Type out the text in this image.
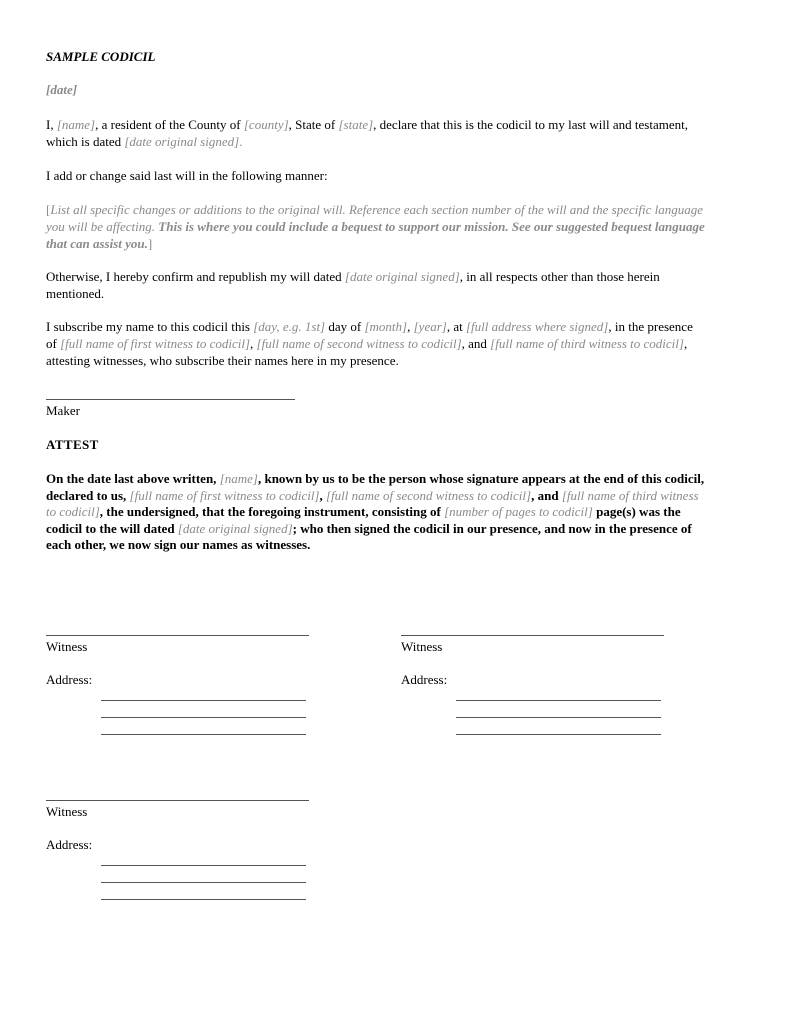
SAMPLE CODICIL

[date]

I, [name], a resident of the County of [county], State of [state], declare that this is the codicil to my last will and testament, which is dated [date original signed].

I add or change said last will in the following manner:

[List all specific changes or additions to the original will. Reference each section number of the will and the specific language you will be affecting. This is where you could include a bequest to support our mission. See our suggested bequest language that can assist you.]

Otherwise, I hereby confirm and republish my will dated [date original signed], in all respects other than those herein mentioned.

I subscribe my name to this codicil this [day, e.g. 1st] day of [month], [year], at [full address where signed], in the presence of [full name of first witness to codicil], [full name of second witness to codicil], and [full name of third witness to codicil], attesting witnesses, who subscribe their names here in my presence.

Maker

ATTEST

On the date last above written, [name], known by us to be the person whose signature appears at the end of this codicil, declared to us, [full name of first witness to codicil], [full name of second witness to codicil], and [full name of third witness to codicil], the undersigned, that the foregoing instrument, consisting of [number of pages to codicil] page(s) was the codicil to the will dated [date original signed]; who then signed the codicil in our presence, and now in the presence of each other, we now sign our names as witnesses.

Witness
Address:
Witness
Address:
Witness
Address:
